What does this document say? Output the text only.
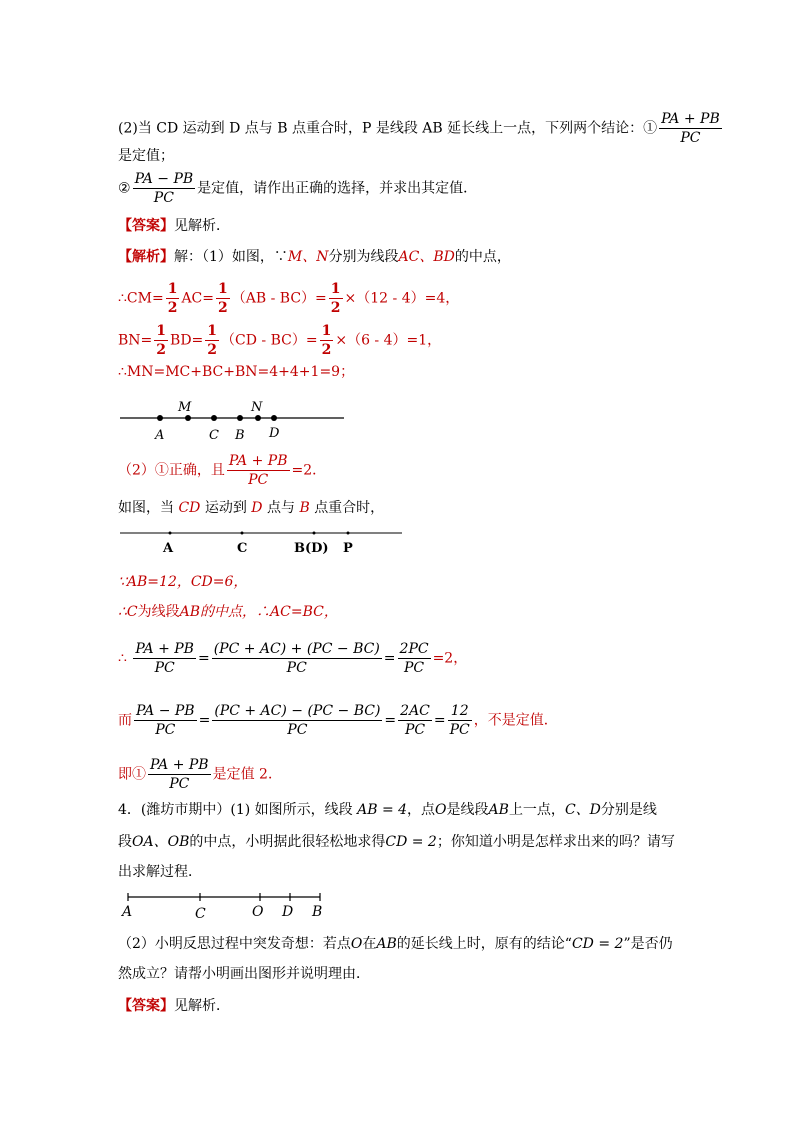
(2)当 CD 运动到 D 点与 B 点重合时，P 是线段 AB 延长线上一点，下列两个结论：① $\frac{PA + PB}{PC}$
是定值；
② $\frac{PA - PB}{PC}$ 是定值，请作出正确的选择，并求出其定值．
【答案】见解析．
【解析】解：（1）如图，∵M、N分别为线段AC、BD的中点，
∴CM= $\frac{1}{2} AC= \frac{1}{2} (AB - BC)= \frac{1}{2} \times(12 - 4)=4$，
$BN= \frac{1}{2} BD= \frac{1}{2} (CD - BC)= \frac{1}{2} \times(6 - 4)=1$，
∴MN=MC+BC+BN=4+4+1=9；
A
M
C B
N
D
（2）①正确，且 $\frac{PA + PB}{PC} =2$．
如图，当 CD 运动到 D 点与 B 点重合时，
A	C	B(D) P
∵AB=12，CD=6，
∴C为线段AB的中点，∴AC=BC，
∴ $\frac{PA + PB}{PC} = \frac{(PC + AC) + (PC - BC)}{PC} = \frac{2PC}{PC} =2$，
而 $\frac{PA - PB}{PC} = \frac{(PC + AC) - (PC - BC)}{PC} = \frac{2AC}{PC} = \frac{12}{PC}$ ，不是定值．
即① $\frac{PA + PB}{PC}$ 是定值 2．
4．(潍坊市期中）(1) 如图所示，线段 AB = 4，点O是线段AB上一点，C、D分别是线
段OA、OB的中点，小明据此很轻松地求得CD = 2；你知道小明是怎样求出来的吗？请写
出求解过程．
A	C	O D B
（2）小明反思过程中突发奇想：若点O在AB的延长线上时，原有的结论“CD = 2”是否仍
然成立？请帮小明画出图形并说明理由．
【答案】见解析．
